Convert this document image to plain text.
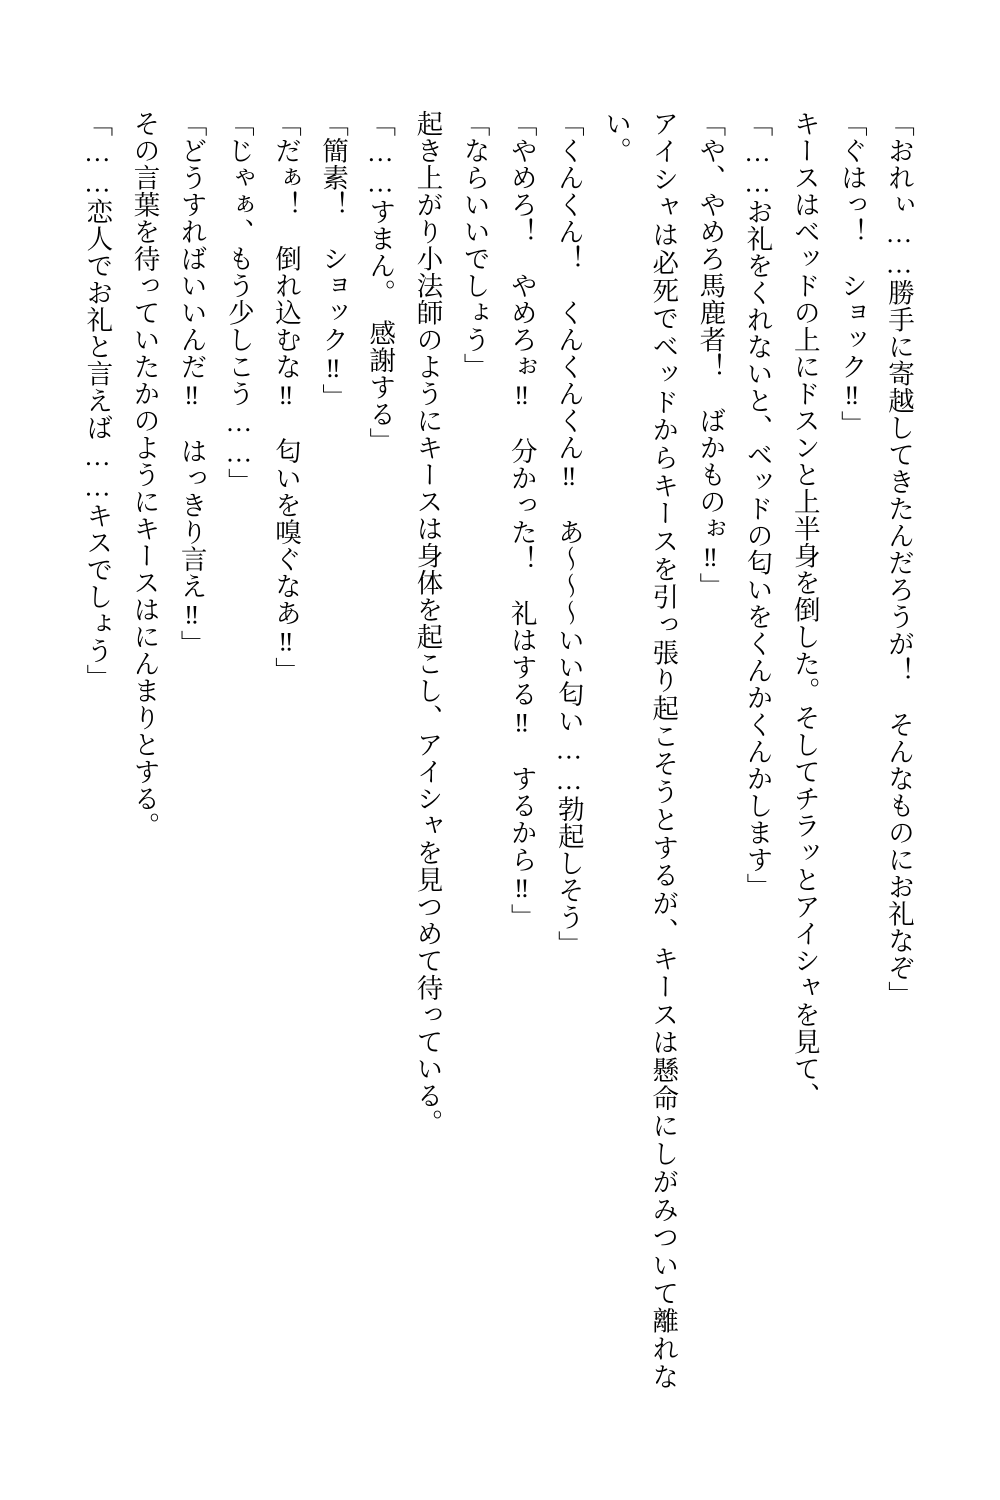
「おれぃ……勝手に寄越してきたんだろうが！　そんなものにお礼なぞ」
「ぐはっ！　ショック‼」
キースはベッドの上にドスンと上半身を倒した。そしてチラッとアイシャを見て、
「……お礼をくれないと、ベッドの匂いをくんかくんかします」
「や、やめろ馬鹿者！　ばかものぉ‼」
アイシャは必死でベッドからキースを引っ張り起こそうとするが、キースは懸命にしがみついて離れない。
「くんくん！　くんくんくん‼　あ～～～いい匂い……勃起しそう」
「やめろ！　やめろぉ‼　分かった！　礼はする‼　するから‼」
「ならいいでしょう」
起き上がり小法師のようにキースは身体を起こし、アイシャを見つめて待っている。
「……すまん。　感謝する」
「簡素！　ショック‼」
「だぁ！　倒れ込むな‼　匂いを嗅ぐなあ‼」
「じゃぁ、もう少しこう……」
「どうすればいいんだ‼　はっきり言え‼」
その言葉を待っていたかのようにキースはにんまりとする。
「……恋人でお礼と言えば……キスでしょう」
